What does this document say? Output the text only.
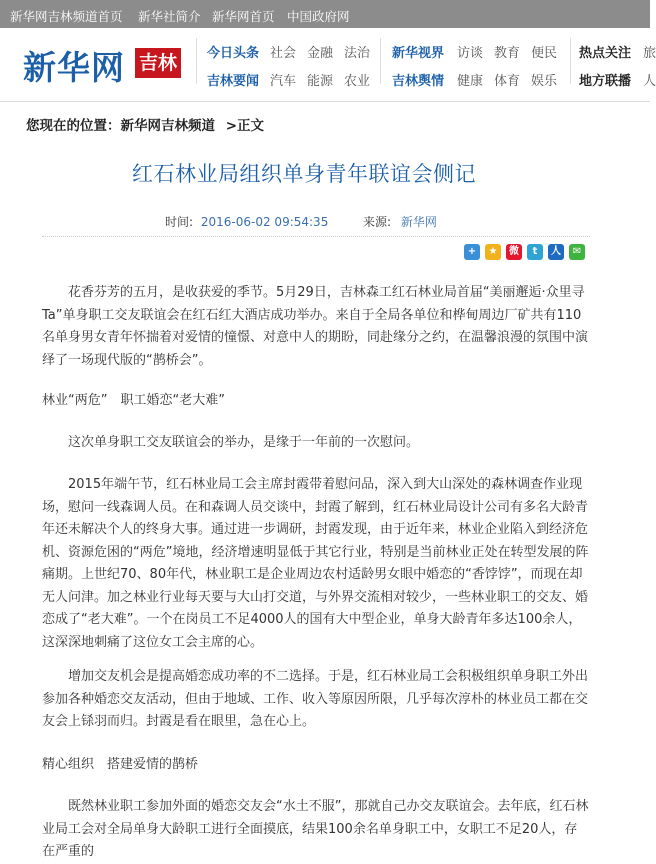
新华网吉林频道首页 新华社简介 新华网首页 中国政府网
新华网 吉林	今日头条 社会 金融 法治 新华视界 访谈 教育 便民 热点关注 旅
吉林要闻 汽车 能源 农业 吉林舆情 健康 体育 娱乐 地方联播 人
您现在的位置：新华网吉林频道 >正文
红石林业局组织单身青年联谊会侧记
时间: 2016-06-02 09:54:35	来源: 新华网
+	★	微	t	人	✉

花香芬芳的五月，是收获爱的季节。5月29日，吉林森工红石林业局首届“美丽邂逅·众里寻Ta”单身职工交友联谊会在红石红大酒店成功举办。来自于全局各单位和桦甸周边厂矿共有110名单身男女青年怀揣着对爱情的憧憬、对意中人的期盼，同赴缘分之约，在温馨浪漫的氛围中演绎了一场现代版的“鹊桥会”。

林业“两危”　职工婚恋“老大难”

这次单身职工交友联谊会的举办，是缘于一年前的一次慰问。

2015年端午节，红石林业局工会主席封霞带着慰问品，深入到大山深处的森林调查作业现场，慰问一线森调人员。在和森调人员交谈中，封霞了解到，红石林业局设计公司有多名大龄青年还未解决个人的终身大事。通过进一步调研，封霞发现，由于近年来，林业企业陷入到经济危机、资源危困的“两危”境地，经济增速明显低于其它行业，特别是当前林业正处在转型发展的阵痛期。上世纪70、80年代，林业职工是企业周边农村适龄男女眼中婚恋的“香饽饽”，而现在却无人问津。加之林业行业每天要与大山打交道，与外界交流相对较少，一些林业职工的交友、婚恋成了“老大难”。一个在岗员工不足4000人的国有大中型企业，单身大龄青年多达100余人，这深深地刺痛了这位女工会主席的心。

增加交友机会是提高婚恋成功率的不二选择。于是，红石林业局工会积极组织单身职工外出参加各种婚恋交友活动，但由于地域、工作、收入等原因所限，几乎每次淳朴的林业员工都在交友会上铩羽而归。封霞是看在眼里，急在心上。

精心组织　搭建爱情的鹊桥

既然林业职工参加外面的婚恋交友会“水土不服”，那就自己办交友联谊会。去年底，红石林业局工会对全局单身大龄职工进行全面摸底，结果100余名单身职工中，女职工不足20人，存在严重的
